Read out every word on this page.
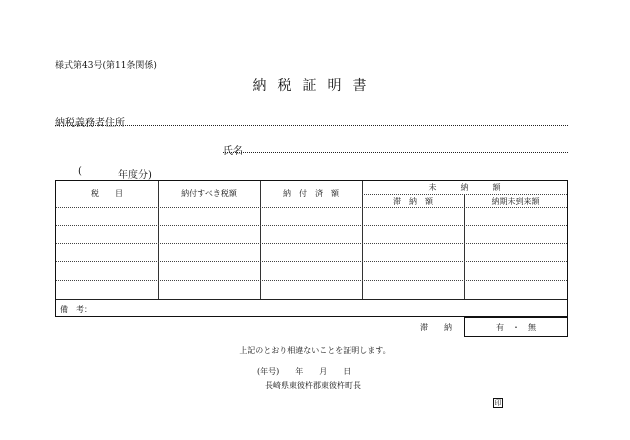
様式第43号(第11条関係)
納税証明書
納税義務者住所
氏名
(	年度分)
税　　目	納付すべき税額	納　付　済　額
未　　　納　　　額
滞　納　額	納期未到来額
備　考：
滞　　納	有　・　無
上記のとおり相違ないことを証明します。
(年号)　　年　　月　　日
長崎県東彼杵郡東彼杵町長
印
